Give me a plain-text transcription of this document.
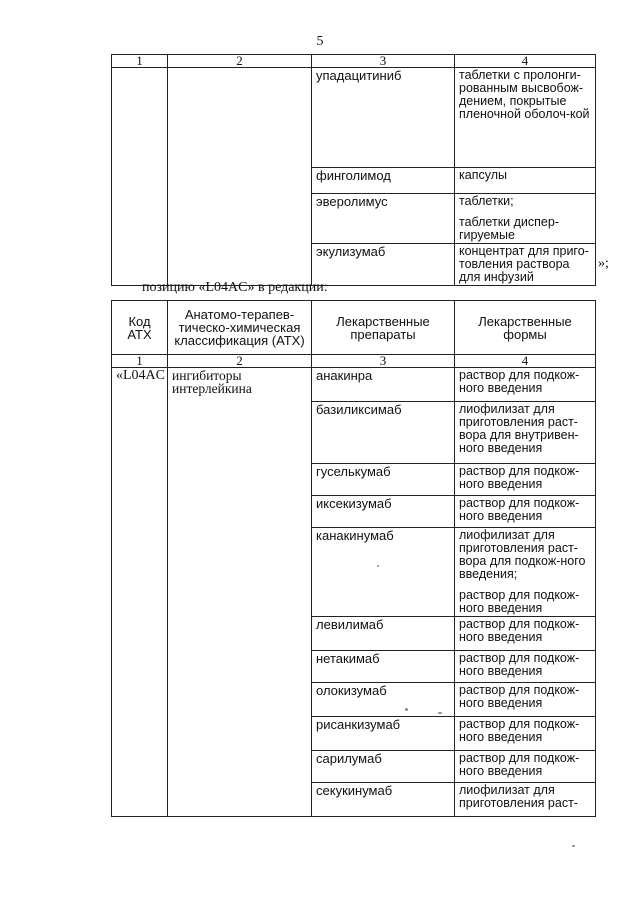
5
1	2	3	4
		упадацитиниб	таблетки с пролонги-рованным высвобож-дением, покрытые пленочной оболоч-кой

		финголимод	капсулы

		эверолимус	таблетки;
таблетки диспер-гируемые

		экулизумаб	концентрат для приго-товления раствора для инфузий
»;
позицию «L04AC» в редакции:
Код АТХ	Анатомо-терапев-тическо-химическая классификация (АТХ)	Лекарственные препараты	Лекарственные формы
1	2	3	4
«L04AC	ингибиторы интерлейкина	анакинра	раствор для подкож-ного введения

		базиликсимаб	лиофилизат для приготовления раст-вора для внутривен-ного введения

		гуселькумаб	раствор для подкож-ного введения

		иксекизумаб	раствор для подкож-ного введения

		канакинумаб	лиофилизат для приготовления раст-вора для подкож-ного введения;
раствор для подкож-ного введения

		левилимаб	раствор для подкож-ного введения

		нетакимаб	раствор для подкож-ного введения

		олокизумаб	раствор для подкож-ного введения

		рисанкизумаб	раствор для подкож-ного введения

		сарилумаб	раствор для подкож-ного введения

		секукинумаб	лиофилизат для приготовления раст-
